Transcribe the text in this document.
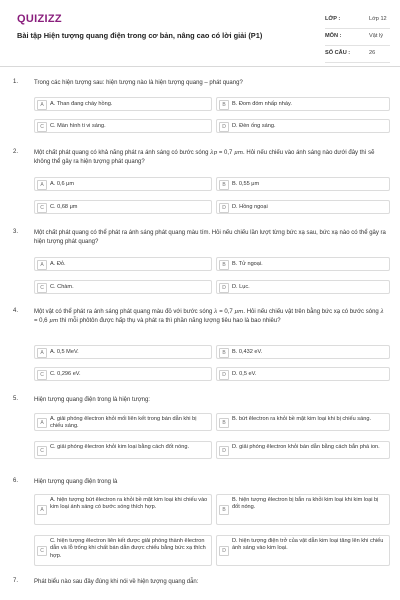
QUIZIZZ
Bài tập Hiện tượng quang điện trong cơ bản, nâng cao có lời giải (P1)
LỚP :	Lớp 12
MÔN :	Vật lý
SỐ CÂU :	26
1.	Trong các hiện tượng sau: hiện tượng nào là hiện tượng quang – phát quang?
A	A. Than đang cháy hồng.	B	B. Đom đóm nhấp nháy.
C	C. Màn hình ti vi sáng.	D	D. Đèn ống sáng.
2.	Một chất phát quang có khả năng phát ra ánh sáng có bước sóng λp = 0,7 μm. Hỏi nếu chiếu vào ánh sáng nào dưới đây thì sẽ không thể gây ra hiện tượng phát quang?
A	A. 0,6 μm	B	B. 0,55 μm
C	C. 0,68 μm	D	D. Hồng ngoại
3.	Một chất phát quang có thể phát ra ánh sáng phát quang màu tím. Hỏi nếu chiếu lần lượt từng bức xạ sau, bức xạ nào có thể gây ra hiện tượng phát quang?
A	A. Đỏ.	B	B. Tử ngoại.
C	C. Chàm.	D	D. Lục.
4.	Một vật có thể phát ra ánh sáng phát quang màu đỏ với bước sóng λ = 0,7 μm. Hỏi nếu chiếu vật trên bằng bức xạ có bước sóng λ = 0,6 μm thì mỗi phôtôn được hấp thụ và phát ra thì phần năng lượng tiêu hao là bao nhiêu?
A	A. 0,5 MeV.	B	B. 0,432 eV.
C	C. 0,296 eV.	D	D. 0,5 eV.
5.	Hiện tượng quang điện trong là hiện tượng:
A
A. giải phóng êlectron khỏi mối liên kết trong bán dẫn khi bị chiếu sáng.
B
B. bứt êlectron ra khỏi bề mặt kim loại khi bị chiếu sáng.
C
C. giải phóng êlectron khỏi kim loại bằng cách đốt nóng.
D
D. giải phóng êlectron khỏi bán dẫn bằng cách bắn phá ion.
6.	Hiện tượng quang điện trong là
A
A. hiện tượng bứt êlectron ra khỏi bề mặt kim loại khi chiếu vào kim loại ánh sáng có bước sóng thích hợp.	B
B. hiện tượng êlectron bị bắn ra khỏi kim loại khi kim loại bị đốt nóng.
C
C. hiện tượng êlectron liên kết được giải phóng thành êlectron dẫn và lỗ trống khi chất bán dẫn được chiếu bằng bức xạ thích hợp.
D
D. hiện tượng điện trở của vật dẫn kim loại tăng lên khi chiếu ánh sáng vào kim loại.
7.	Phát biểu nào sau đây đúng khi nói về hiện tượng quang dẫn:
